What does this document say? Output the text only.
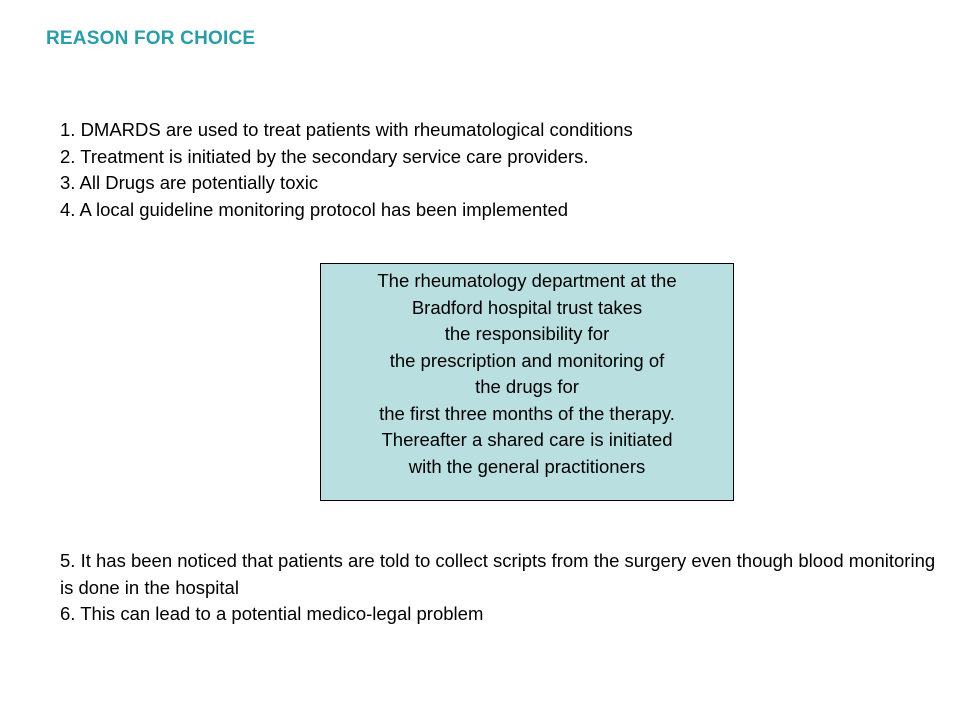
REASON FOR CHOICE
1. DMARDS are used to treat patients with rheumatological conditions
2. Treatment is initiated by the secondary service care providers.
3. All Drugs are potentially toxic
4. A local guideline monitoring protocol has been implemented
The rheumatology department at the
Bradford hospital trust takes
the responsibility for
the prescription and monitoring of
the drugs for
the first three months of the therapy.
Thereafter a shared care is initiated
with the general practitioners
5. It has been noticed that patients are told to collect scripts from the surgery even though blood monitoring is done in the hospital
6. This can lead to a potential medico-legal problem
